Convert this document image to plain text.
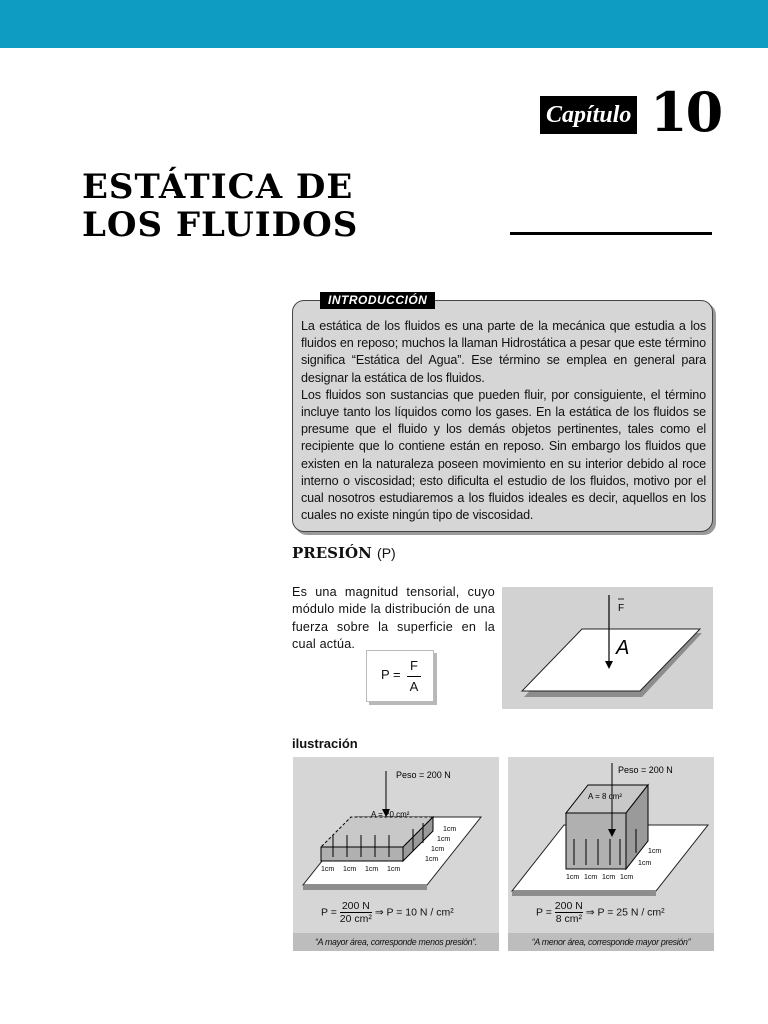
Capítulo 10
ESTÁTICA DE
LOS FLUIDOS
INTRODUCCIÓN

La estática de los fluidos es una parte de la mecánica que estudia a los fluidos en reposo; muchos la llaman Hidrostática a pesar que este término significa “Estática del Agua”. Ese término se emplea en general para designar la estática de los fluidos.

Los fluidos son sustancias que pueden fluir, por consiguiente, el término incluye tanto los líquidos como los gases. En la estática de los fluidos se presume que el fluido y los demás objetos pertinentes, tales como el recipiente que lo contiene están en reposo. Sin embargo los fluidos que existen en la naturaleza poseen movimiento en su interior debido al roce interno o viscosidad; esto dificulta el estudio de los fluidos, motivo por el cual nosotros estudiaremos a los fluidos ideales es decir, aquellos en los cuales no existe ningún tipo de viscosidad.

PRESIÓN (P)
Es una magnitud tensorial, cuyo módulo mide la distribución de una fuerza sobre la superficie en la cual actúa.
P =
F
A
F
A
ilustración
Peso = 200 N
A = 20 cm²
1cm 1cm 1cm 1cm
1cm
1cm
1cm
1cm
$P = \frac{200 N}{\text{20 cm²}}$ ⇒ P = 10 N / cm²
“A mayor área, corresponde menos presión”.
Peso = 200 N
A = 8 cm²
1cm 1cm 1cm 1cm
1cm
1cm
$P = \frac{200 N}{\text{8 cm²}}$ ⇒ P = 25 N / cm²
“A menor área, corresponde mayor presión”
